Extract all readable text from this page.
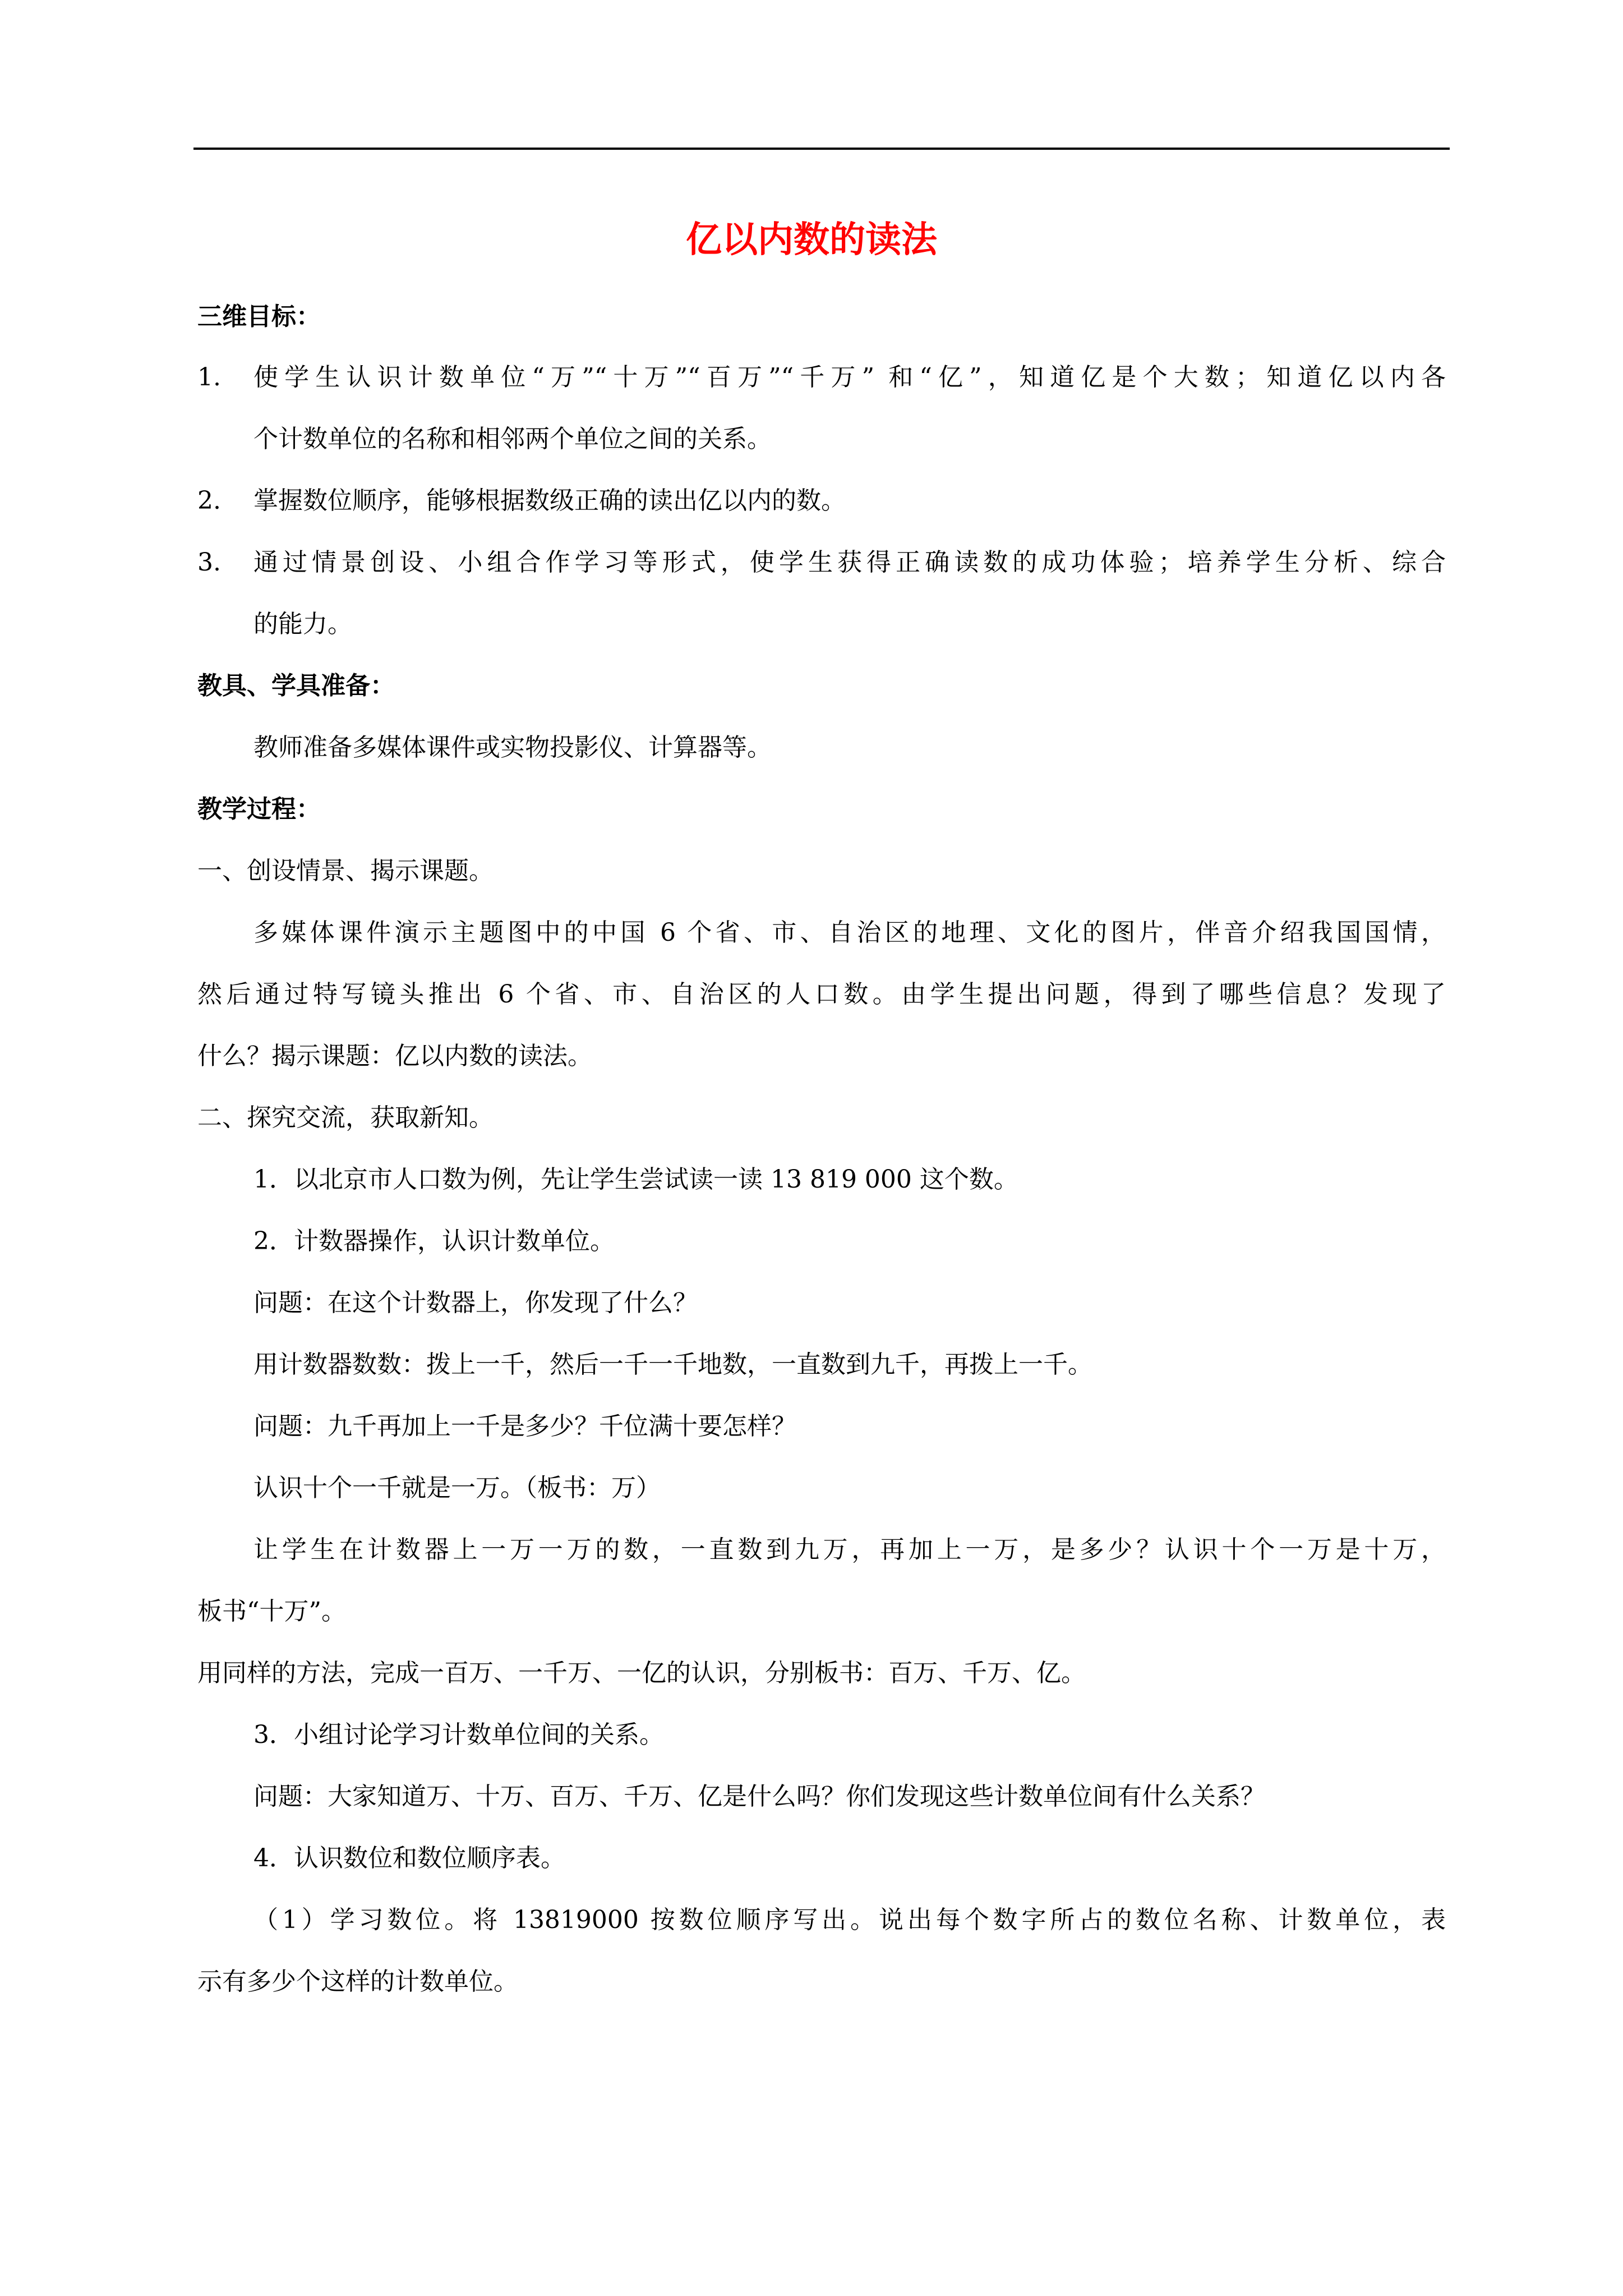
亿以内数的读法
三维目标：
1. 使学生认识计数单位“万”“十万”“百万”“千万” 和“亿”，知道亿是个大数；知道亿以内各
个计数单位的名称和相邻两个单位之间的关系。
2. 掌握数位顺序，能够根据数级正确的读出亿以内的数。
3. 通过情景创设、小组合作学习等形式，使学生获得正确读数的成功体验；培养学生分析、综合
的能力。
教具、学具准备：
教师准备多媒体课件或实物投影仪、计算器等。
教学过程：
一、创设情景、揭示课题。
多媒体课件演示主题图中的中国 6 个省、市、自治区的地理、文化的图片，伴音介绍我国国情，
然后通过特写镜头推出 6 个省、市、自治区的人口数。由学生提出问题，得到了哪些信息？发现了
什么？揭示课题：亿以内数的读法。
二、探究交流，获取新知。
1．以北京市人口数为例，先让学生尝试读一读 13 819 000 这个数。
2．计数器操作，认识计数单位。
问题：在这个计数器上，你发现了什么？
用计数器数数：拨上一千，然后一千一千地数，一直数到九千，再拨上一千。
问题：九千再加上一千是多少？千位满十要怎样？
认识十个一千就是一万。（板书：万）
让学生在计数器上一万一万的数，一直数到九万，再加上一万，是多少？认识十个一万是十万，
板书“十万”。
用同样的方法，完成一百万、一千万、一亿的认识，分别板书：百万、千万、亿。
3．小组讨论学习计数单位间的关系。
问题：大家知道万、十万、百万、千万、亿是什么吗？你们发现这些计数单位间有什么关系？
4．认识数位和数位顺序表。
（1）学习数位。将 13819000 按数位顺序写出。说出每个数字所占的数位名称、计数单位，表
示有多少个这样的计数单位。
